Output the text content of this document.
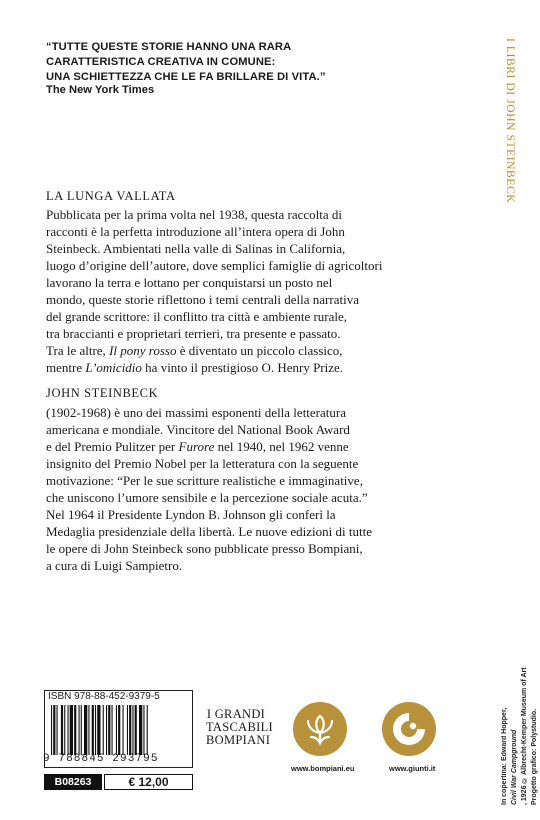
“TUTTE QUESTE STORIE HANNO UNA RARA
CARATTERISTICA CREATIVA IN COMUNE:
UNA SCHIETTEZZA CHE LE FA BRILLARE DI VITA.”
The New York Times	I LIBRI DI JOHN STEINBECK
LA LUNGA VALLATA
Pubblicata per la prima volta nel 1938, questa raccolta di
racconti è la perfetta introduzione all’intera opera di John
Steinbeck. Ambientati nella valle di Salinas in California,
luogo d’origine dell’autore, dove semplici famiglie di agricoltori
lavorano la terra e lottano per conquistarsi un posto nel
mondo, queste storie riflettono i temi centrali della narrativa
del grande scrittore: il conflitto tra città e ambiente rurale,
tra braccianti e proprietari terrieri, tra presente e passato.
Tra le altre, Il pony rosso è diventato un piccolo classico,
mentre L’omicidio ha vinto il prestigioso O. Henry Prize.
JOHN STEINBECK
(1902-1968) è uno dei massimi esponenti della letteratura
americana e mondiale. Vincitore del National Book Award
e del Premio Pulitzer per Furore nel 1940, nel 1962 venne
insignito del Premio Nobel per la letteratura con la seguente
motivazione: “Per le sue scritture realistiche e immaginative,
che uniscono l’umore sensibile e la percezione sociale acuta.”
Nel 1964 il Presidente Lyndon B. Johnson gli conferì la
Medaglia presidenziale della libertà. Le nuove edizioni di tutte
le opere di John Steinbeck sono pubblicate presso Bompiani,
a cura di Luigi Sampietro.
In copertina: Edward Hopper, Civil War Campground , 1926 © Albrecht-Kemper Museum of Art Progetto grafico: Polystudio.
ISBN 978-88-452-9379-5
9 788845 293795
B08263	€ 12,00
I GRANDI
TASCABILI
BOMPIANI
www.bompiani.eu	www.giunti.it
